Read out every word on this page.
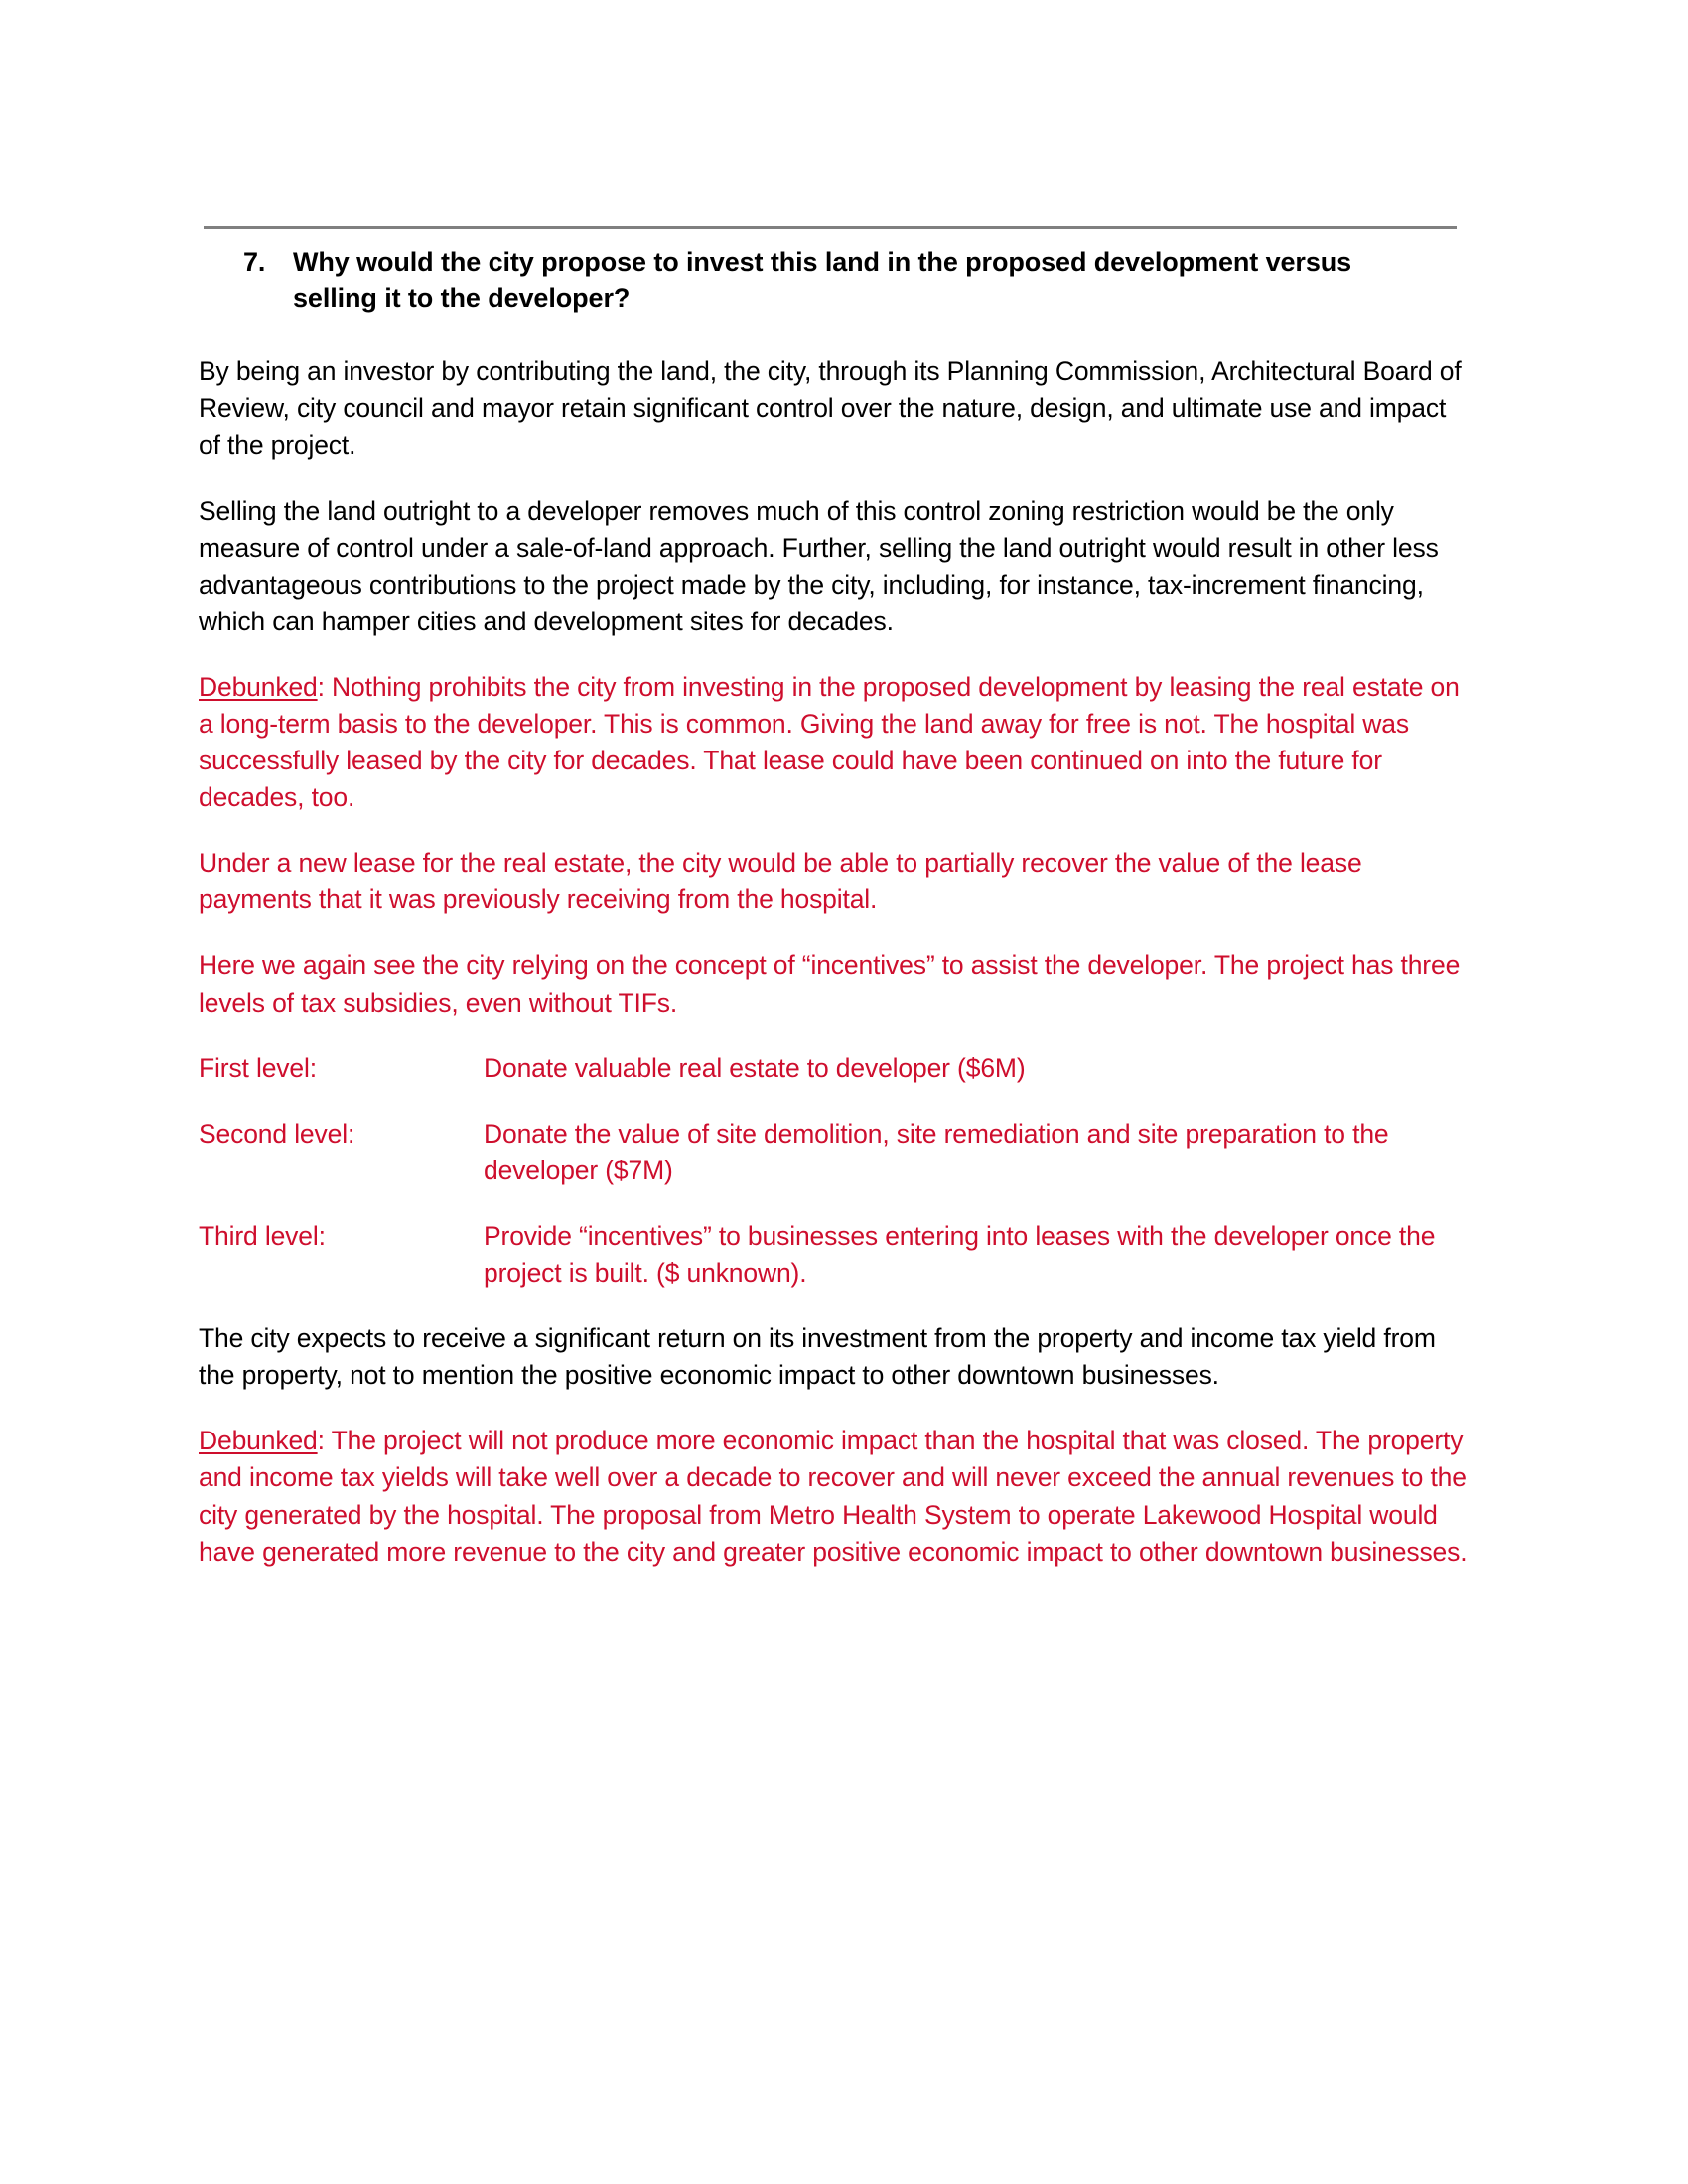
7.	Why would the city propose to invest this land in the proposed development versus selling it to the developer?

By being an investor by contributing the land, the city, through its Planning Commission, Architectural Board of Review, city council and mayor retain significant control over the nature, design, and ultimate use and impact of the project.

Selling the land outright to a developer removes much of this control zoning restriction would be the only measure of control under a sale-of-land approach. Further, selling the land outright would result in other less advantageous contributions to the project made by the city, including, for instance, tax-increment financing, which can hamper cities and development sites for decades.

Debunked: Nothing prohibits the city from investing in the proposed development by leasing the real estate on a long-term basis to the developer. This is common. Giving the land away for free is not. The hospital was successfully leased by the city for decades. That lease could have been continued on into the future for decades, too.

Under a new lease for the real estate, the city would be able to partially recover the value of the lease payments that it was previously receiving from the hospital.

Here we again see the city relying on the concept of “incentives” to assist the developer. The project has three levels of tax subsidies, even without TIFs.

First level:	Donate valuable real estate to developer ($6M)
Second level:	Donate the value of site demolition, site remediation and site preparation to the developer ($7M)
Third level:	Provide “incentives” to businesses entering into leases with the developer once the project is built. ($ unknown).

The city expects to receive a significant return on its investment from the property and income tax yield from the property, not to mention the positive economic impact to other downtown businesses.

Debunked: The project will not produce more economic impact than the hospital that was closed. The property and income tax yields will take well over a decade to recover and will never exceed the annual revenues to the city generated by the hospital. The proposal from Metro Health System to operate Lakewood Hospital would have generated more revenue to the city and greater positive economic impact to other downtown businesses.
